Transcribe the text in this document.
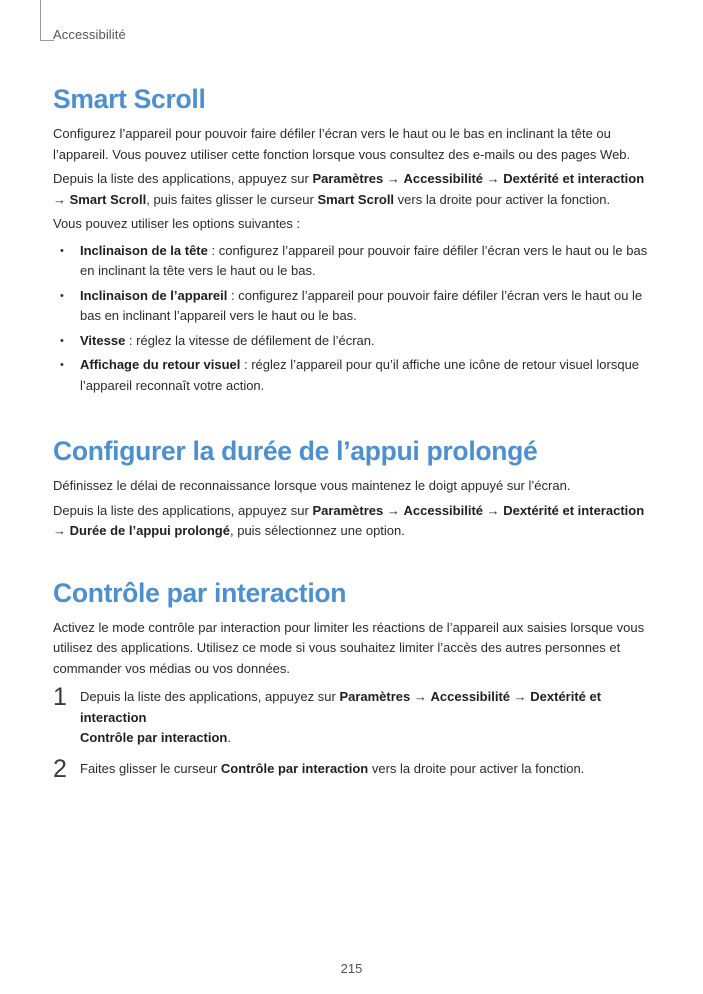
Accessibilité
Smart Scroll

Configurez l’appareil pour pouvoir faire défiler l’écran vers le haut ou le bas en inclinant la tête ou l’appareil. Vous pouvez utiliser cette fonction lorsque vous consultez des e-mails ou des pages Web.

Depuis la liste des applications, appuyez sur Paramètres → Accessibilité → Dextérité et interaction
→ Smart Scroll, puis faites glisser le curseur Smart Scroll vers la droite pour activer la fonction.

Vous pouvez utiliser les options suivantes :

• Inclinaison de la tête : configurez l’appareil pour pouvoir faire défiler l’écran vers le haut ou le bas en inclinant la tête vers le haut ou le bas.
• Inclinaison de l’appareil : configurez l’appareil pour pouvoir faire défiler l’écran vers le haut ou le bas en inclinant l’appareil vers le haut ou le bas.
• Vitesse : réglez la vitesse de défilement de l’écran.
• Affichage du retour visuel : réglez l’appareil pour qu’il affiche une icône de retour visuel lorsque l’appareil reconnaît votre action.
Configurer la durée de l’appui prolongé

Définissez le délai de reconnaissance lorsque vous maintenez le doigt appuyé sur l’écran.

Depuis la liste des applications, appuyez sur Paramètres → Accessibilité → Dextérité et interaction
→ Durée de l’appui prolongé, puis sélectionnez une option.

Contrôle par interaction

Activez le mode contrôle par interaction pour limiter les réactions de l’appareil aux saisies lorsque vous utilisez des applications. Utilisez ce mode si vous souhaitez limiter l’accès des autres personnes et commander vos médias ou vos données.

1 Depuis la liste des applications, appuyez sur Paramètres → Accessibilité → Dextérité et interaction
Contrôle par interaction.

2 Faites glisser le curseur Contrôle par interaction vers la droite pour activer la fonction.

215
